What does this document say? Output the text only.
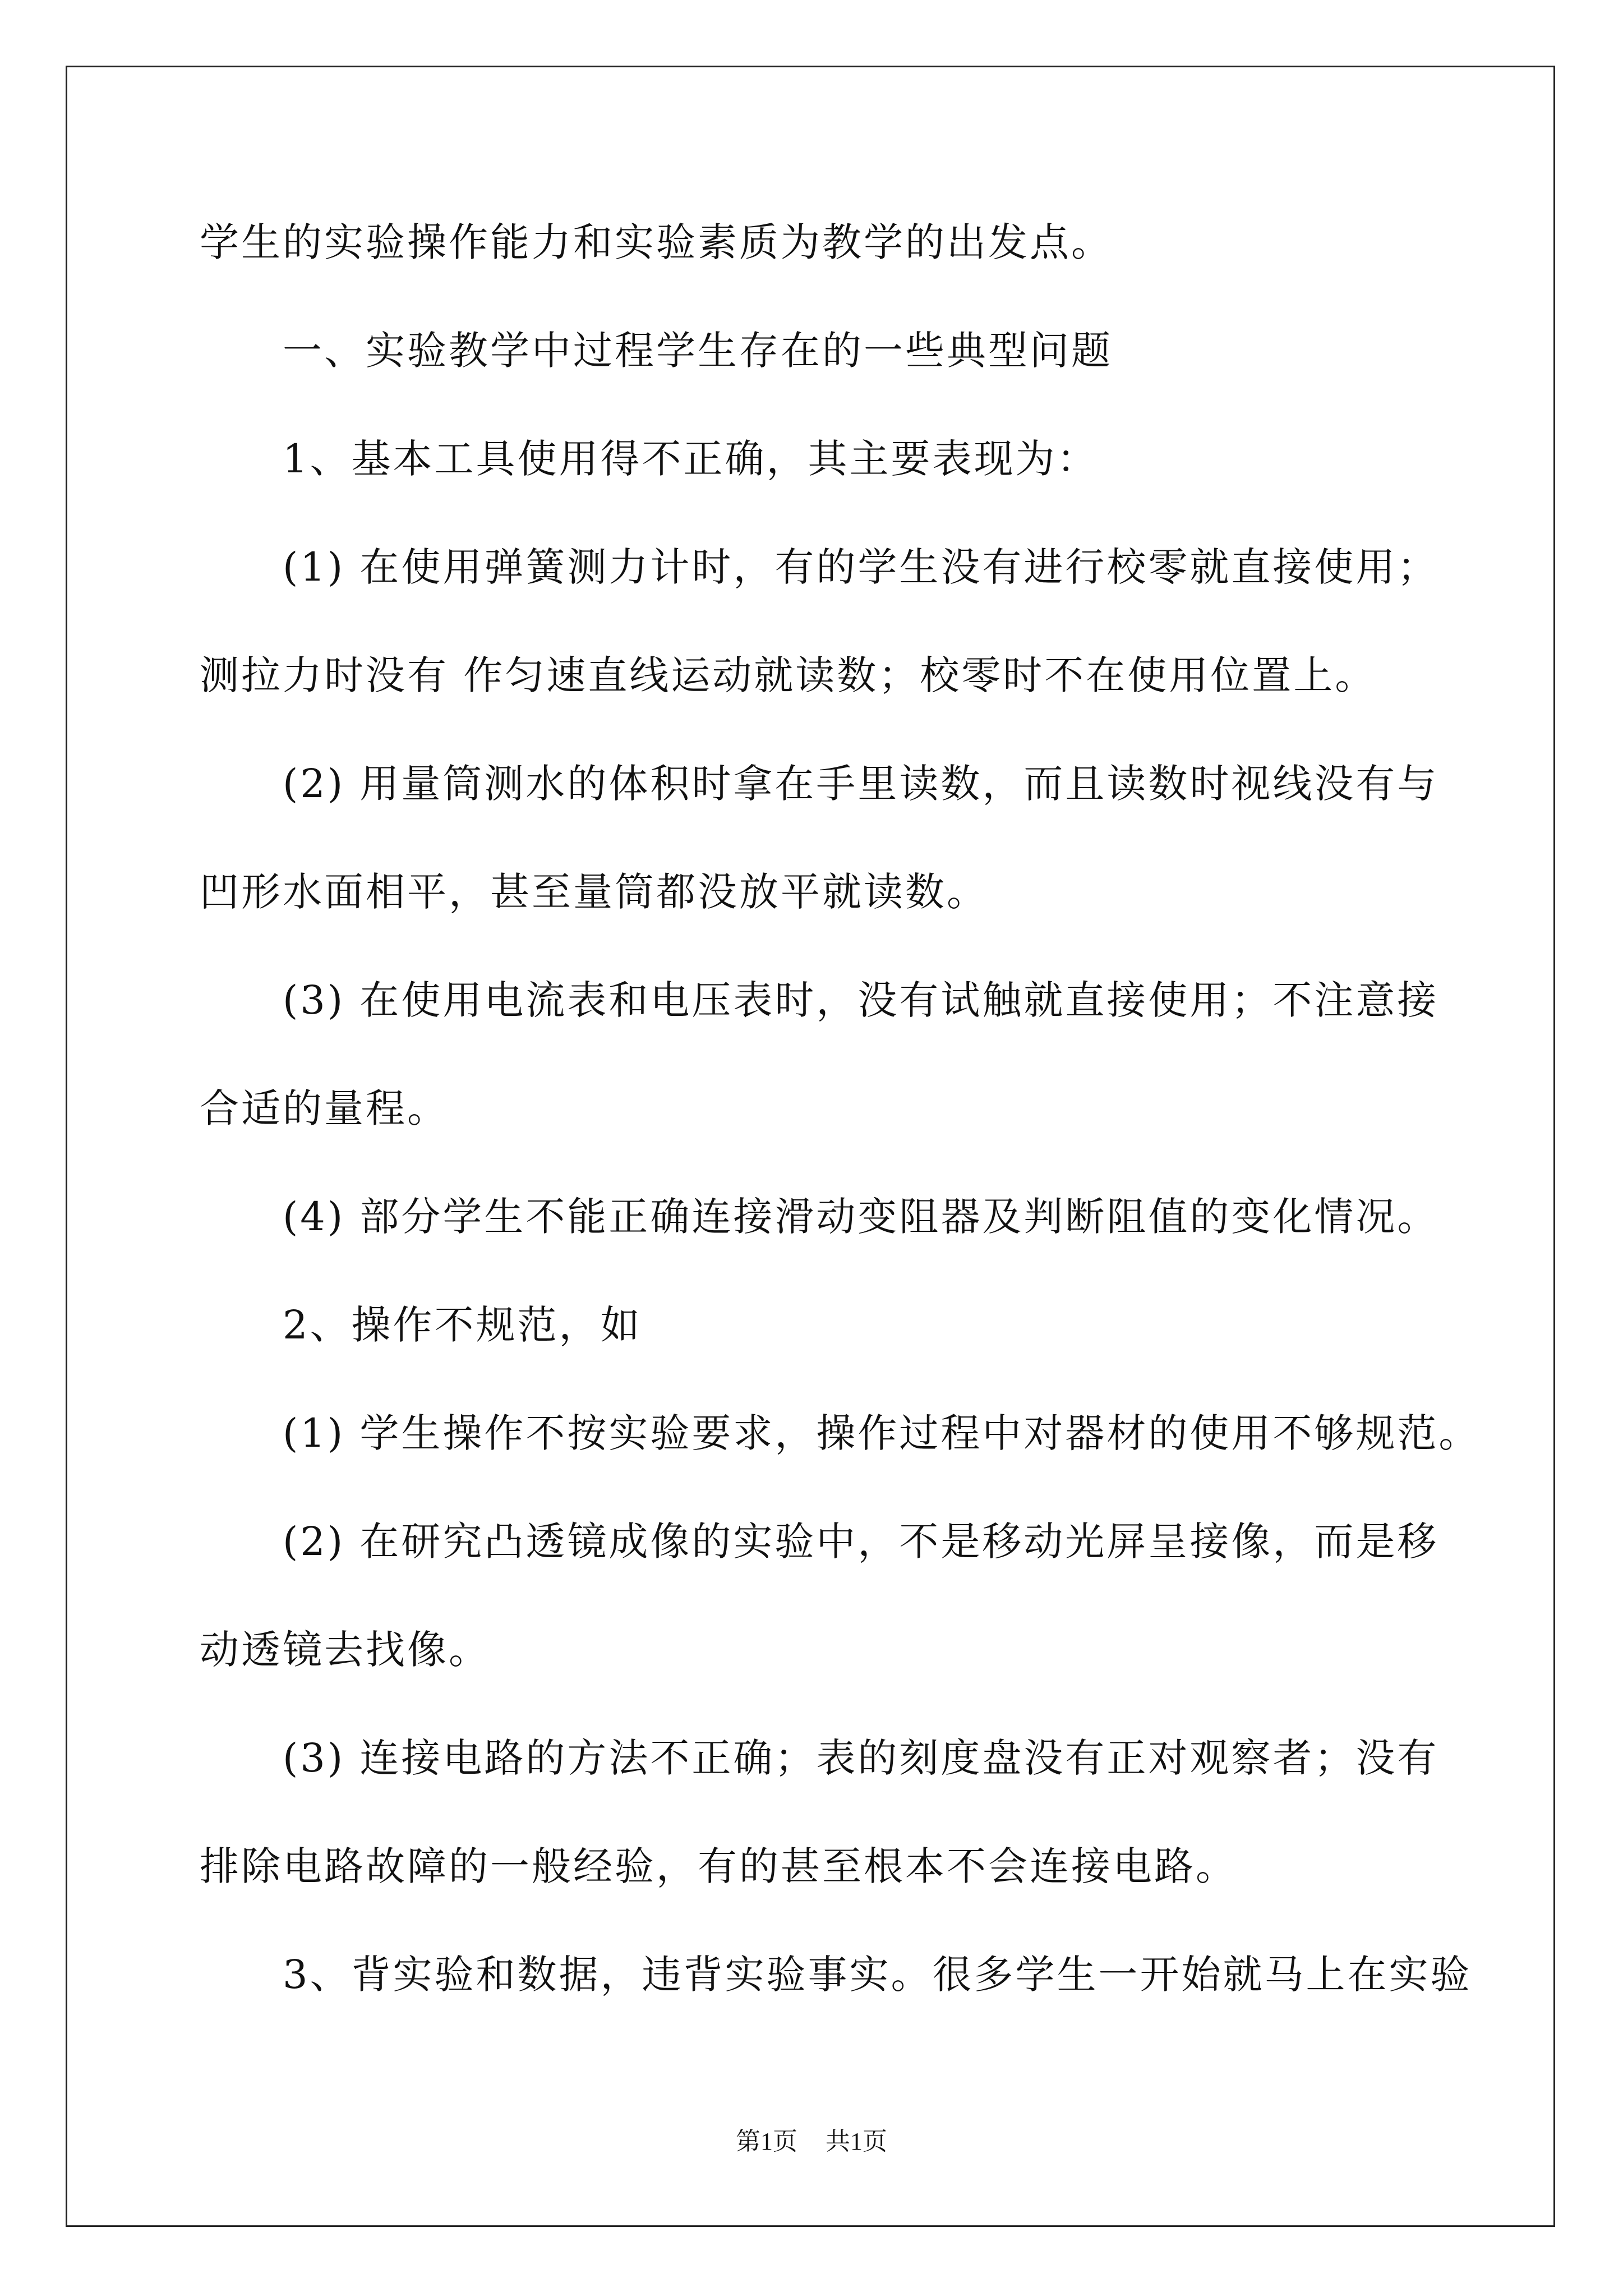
学生的实验操作能力和实验素质为教学的出发点。
　　一、实验教学中过程学生存在的一些典型问题
　　1、基本工具使用得不正确，其主要表现为：
　　(1) 在使用弹簧测力计时，有的学生没有进行校零就直接使用；
测拉力时没有 作匀速直线运动就读数；校零时不在使用位置上。
　　(2) 用量筒测水的体积时拿在手里读数，而且读数时视线没有与
凹形水面相平，甚至量筒都没放平就读数。
　　(3) 在使用电流表和电压表时，没有试触就直接使用；不注意接
合适的量程。
　　(4) 部分学生不能正确连接滑动变阻器及判断阻值的变化情况。
　　2、操作不规范，如
　　(1) 学生操作不按实验要求，操作过程中对器材的使用不够规范。
　　(2) 在研究凸透镜成像的实验中，不是移动光屏呈接像，而是移
动透镜去找像。
　　(3) 连接电路的方法不正确；表的刻度盘没有正对观察者；没有
排除电路故障的一般经验，有的甚至根本不会连接电路。
　　3、背实验和数据，违背实验事实。很多学生一开始就马上在实验
第1页 共1页
